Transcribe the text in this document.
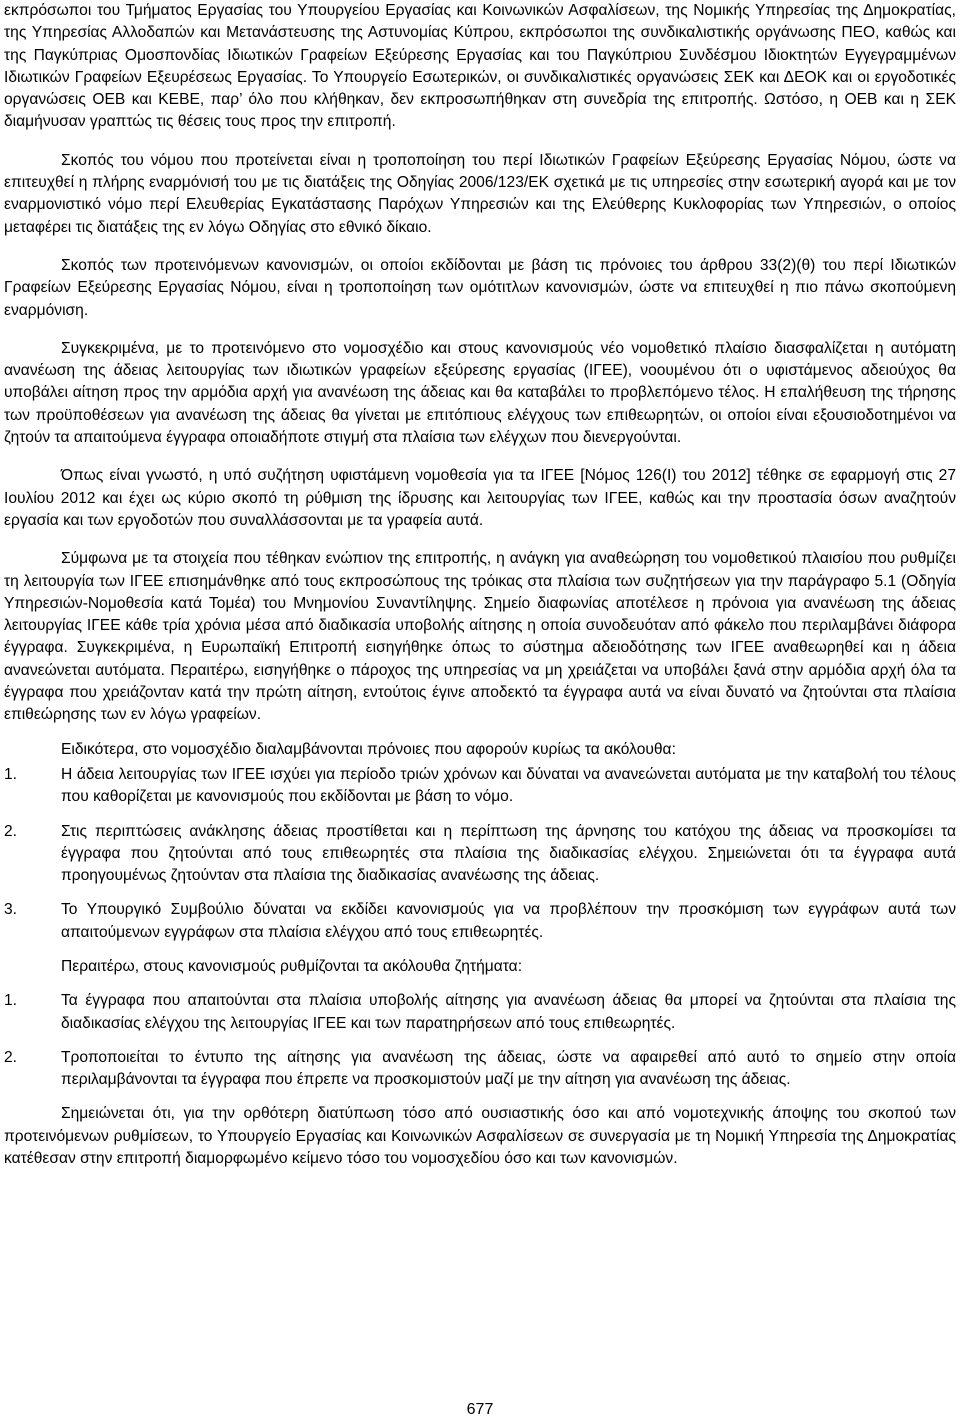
εκπρόσωποι του Τμήματος Εργασίας του Υπουργείου Εργασίας και Κοινωνικών Ασφαλίσεων, της Νομικής Υπηρεσίας της Δημοκρατίας, της Υπηρεσίας Αλλοδαπών και Μετανάστευσης της Αστυνομίας Κύπρου, εκπρόσωποι της συνδικαλιστικής οργάνωσης ΠΕΟ, καθώς και της Παγκύπριας Ομοσπονδίας Ιδιωτικών Γραφείων Εξεύρεσης Εργασίας και του Παγκύπριου Συνδέσμου Ιδιοκτητών Εγγεγραμμένων Ιδιωτικών Γραφείων Εξευρέσεως Εργασίας. Το Υπουργείο Εσωτερικών, οι συνδικαλιστικές οργανώσεις ΣΕΚ και ΔΕΟΚ και οι εργοδοτικές οργανώσεις ΟΕΒ και ΚΕΒΕ, παρ’ όλο που κλήθηκαν, δεν εκπροσωπήθηκαν στη συνεδρία της επιτροπής. Ωστόσο, η ΟΕΒ και η ΣΕΚ διαμήνυσαν γραπτώς τις θέσεις τους προς την επιτροπή.

Σκοπός του νόμου που προτείνεται είναι η τροποποίηση του περί Ιδιωτικών Γραφείων Εξεύρεσης Εργασίας Νόμου, ώστε να επιτευχθεί η πλήρης εναρμόνισή του με τις διατάξεις της Οδηγίας 2006/123/ΕΚ σχετικά με τις υπηρεσίες στην εσωτερική αγορά και με τον εναρμονιστικό νόμο περί Ελευθερίας Εγκατάστασης Παρόχων Υπηρεσιών και της Ελεύθερης Κυκλοφορίας των Υπηρεσιών, ο οποίος μεταφέρει τις διατάξεις της εν λόγω Οδηγίας στο εθνικό δίκαιο.

Σκοπός των προτεινόμενων κανονισμών, οι οποίοι εκδίδονται με βάση τις πρόνοιες του άρθρου 33(2)(θ) του περί Ιδιωτικών Γραφείων Εξεύρεσης Εργασίας Νόμου, είναι η τροποποίηση των ομότιτλων κανονισμών, ώστε να επιτευχθεί η πιο πάνω σκοπούμενη εναρμόνιση.

Συγκεκριμένα, με το προτεινόμενο στο νομοσχέδιο και στους κανονισμούς νέο νομοθετικό πλαίσιο διασφαλίζεται η αυτόματη ανανέωση της άδειας λειτουργίας των ιδιωτικών γραφείων εξεύρεσης εργασίας (ΙΓΕΕ), νοουμένου ότι ο υφιστάμενος αδειούχος θα υποβάλει αίτηση προς την αρμόδια αρχή για ανανέωση της άδειας και θα καταβάλει το προβλεπόμενο τέλος. Η επαλήθευση της τήρησης των προϋποθέσεων για ανανέωση της άδειας θα γίνεται με επιτόπιους ελέγχους των επιθεωρητών, οι οποίοι είναι εξουσιοδοτημένοι να ζητούν τα απαιτούμενα έγγραφα οποιαδήποτε στιγμή στα πλαίσια των ελέγχων που διενεργούνται.

Όπως είναι γνωστό, η υπό συζήτηση υφιστάμενη νομοθεσία για τα ΙΓΕΕ [Νόμος 126(Ι) του 2012] τέθηκε σε εφαρμογή στις 27 Ιουλίου 2012 και έχει ως κύριο σκοπό τη ρύθμιση της ίδρυσης και λειτουργίας των ΙΓΕΕ, καθώς και την προστασία όσων αναζητούν εργασία και των εργοδοτών που συναλλάσσονται με τα γραφεία αυτά.

Σύμφωνα με τα στοιχεία που τέθηκαν ενώπιον της επιτροπής, η ανάγκη για αναθεώρηση του νομοθετικού πλαισίου που ρυθμίζει τη λειτουργία των ΙΓΕΕ επισημάνθηκε από τους εκπροσώπους της τρόικας στα πλαίσια των συζητήσεων για την παράγραφο 5.1 (Οδηγία Υπηρεσιών-Νομοθεσία κατά Τομέα) του Μνημονίου Συναντίληψης. Σημείο διαφωνίας αποτέλεσε η πρόνοια για ανανέωση της άδειας λειτουργίας ΙΓΕΕ κάθε τρία χρόνια μέσα από διαδικασία υποβολής αίτησης η οποία συνοδευόταν από φάκελο που περιλαμβάνει διάφορα έγγραφα. Συγκεκριμένα, η Ευρωπαϊκή Επιτροπή εισηγήθηκε όπως το σύστημα αδειοδότησης των ΙΓΕΕ αναθεωρηθεί και η άδεια ανανεώνεται αυτόματα. Περαιτέρω, εισηγήθηκε ο πάροχος της υπηρεσίας να μη χρειάζεται να υποβάλει ξανά στην αρμόδια αρχή όλα τα έγγραφα που χρειάζονταν κατά την πρώτη αίτηση, εντούτοις έγινε αποδεκτό τα έγγραφα αυτά να είναι δυνατό να ζητούνται στα πλαίσια επιθεώρησης των εν λόγω γραφείων.

Ειδικότερα, στο νομοσχέδιο διαλαμβάνονται πρόνοιες που αφορούν κυρίως τα ακόλουθα:

1.	Η άδεια λειτουργίας των ΙΓΕΕ ισχύει για περίοδο τριών χρόνων και δύναται να ανανεώνεται αυτόματα με την καταβολή του τέλους που καθορίζεται με κανονισμούς που εκδίδονται με βάση το νόμο.
2.	Στις περιπτώσεις ανάκλησης άδειας προστίθεται και η περίπτωση της άρνησης του κατόχου της άδειας να προσκομίσει τα έγγραφα που ζητούνται από τους επιθεωρητές στα πλαίσια της διαδικασίας ελέγχου. Σημειώνεται ότι τα έγγραφα αυτά προηγουμένως ζητούνταν στα πλαίσια της διαδικασίας ανανέωσης της άδειας.
3.	Το Υπουργικό Συμβούλιο δύναται να εκδίδει κανονισμούς για να προβλέπουν την προσκόμιση των εγγράφων αυτά των απαιτούμενων εγγράφων στα πλαίσια ελέγχου από τους επιθεωρητές.

Περαιτέρω, στους κανονισμούς ρυθμίζονται τα ακόλουθα ζητήματα:

1.	Τα έγγραφα που απαιτούνται στα πλαίσια υποβολής αίτησης για ανανέωση άδειας θα μπορεί να ζητούνται στα πλαίσια της διαδικασίας ελέγχου της λειτουργίας ΙΓΕΕ και των παρατηρήσεων από τους επιθεωρητές.
2.	Τροποποιείται το έντυπο της αίτησης για ανανέωση της άδειας, ώστε να αφαιρεθεί από αυτό το σημείο στην οποία περιλαμβάνονται τα έγγραφα που έπρεπε να προσκομιστούν μαζί με την αίτηση για ανανέωση της άδειας.

Σημειώνεται ότι, για την ορθότερη διατύπωση τόσο από ουσιαστικής όσο και από νομοτεχνικής άποψης του σκοπού των προτεινόμενων ρυθμίσεων, το Υπουργείο Εργασίας και Κοινωνικών Ασφαλίσεων σε συνεργασία με τη Νομική Υπηρεσία της Δημοκρατίας κατέθεσαν στην επιτροπή διαμορφωμένο κείμενο τόσο του νομοσχεδίου όσο και των κανονισμών.

677
